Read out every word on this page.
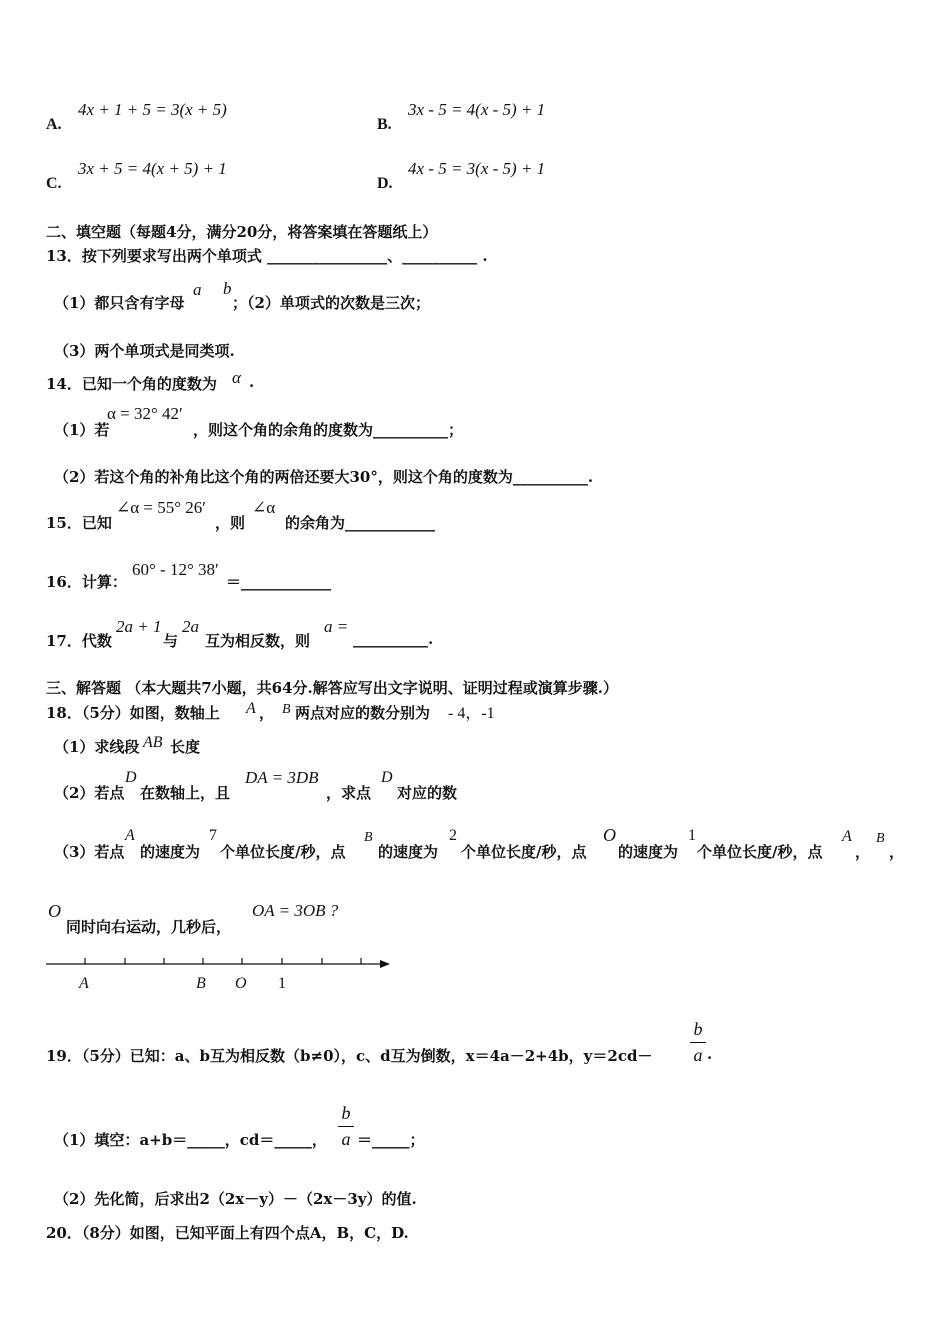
A.
4x + 1 + 5 = 3(x + 5)
B.
3x - 5 = 4(x - 5) + 1
C.
3x + 5 = 4(x + 5) + 1
D.
4x - 5 = 3(x - 5) + 1
二、填空题（每题4分，满分20分，将答案填在答题纸上）
13．按下列要求写出两个单项式 ________________、__________ .
（1）都只含有字母
a b
；（2）单项式的次数是三次；
（3）两个单项式是同类项.
14．已知一个角的度数为 α .
（1）若
α = 32° 42′
，则这个角的余角的度数为__________；
（2）若这个角的补角比这个角的两倍还要大30°，则这个角的度数为__________.
15．已知
∠α = 55° 26′
，则
∠α
的余角为____________
16．计算：
60° - 12° 38′
＝____________
17．代数
2a + 1
与
2a
互为相反数，则
a =
__________.
三、解答题 （本大题共7小题，共64分.解答应写出文字说明、证明过程或演算步骤.）
18．（5分）如图，数轴上 A ， B 两点对应的数分别为 - 4，-1
（1）求线段 AB 长度
（2）若点
D
在数轴上，且
DA = 3DB
，求点
D
对应的数
（3）若点
A
的速度为
7
个单位长度/秒，点
B
的速度为
2
个单位长度/秒，点
O
的速度为
1
个单位长度/秒，点
A
，
B
，
O
同时向右运动，几秒后，
OA = 3OB ?
A	B O 1
19．（5分）已知：a、b互为相反数（b≠0），c、d互为倒数，x＝4a－2+4b，y＝2cd－
b
a .
（1）填空：a+b＝_____，cd＝_____，
b
a ＝_____；
（2）先化简，后求出2（2x－y）－（2x－3y）的值.
20．（8分）如图，已知平面上有四个点A，B，C，D.
